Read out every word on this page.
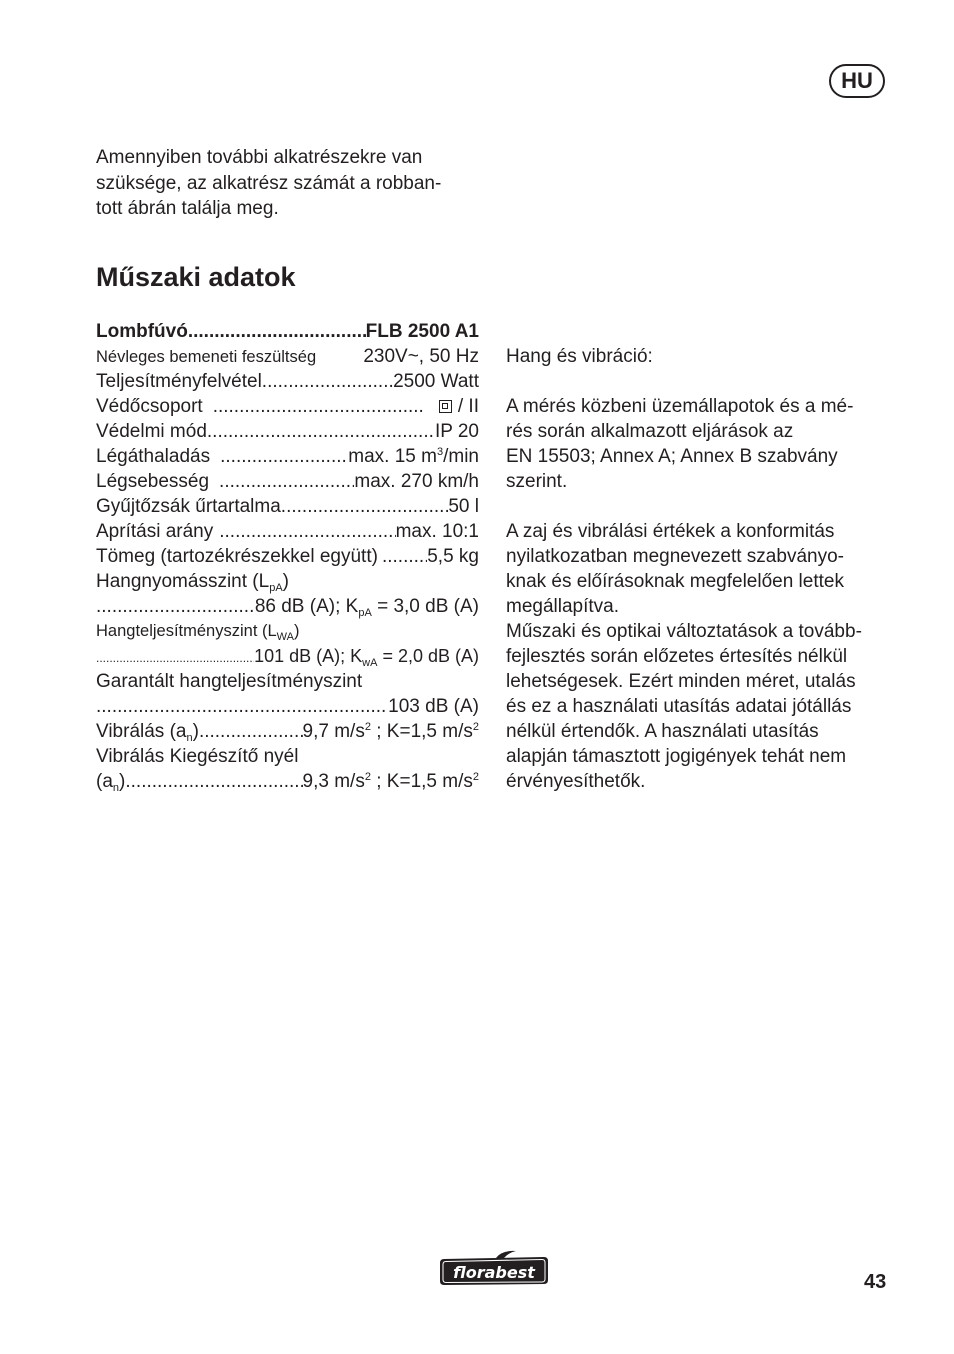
HU
Amennyiben további alkatrészekre van
szüksége, az alkatrész számát a robban-
tott ábrán találja meg.
Műszaki adatok
Lombfúvó .....	FLB 2500 A1
Névleges bemeneti feszültség 230V~, 50 Hz
Teljesítményfelvétel .....	2500 Watt
Védőcsoport .....	/ II
Védelmi mód .....	IP 20
Légáthaladás .....	max. 15 $m^3/\min$
Légsebesség .....	max. 270 km/h
Gyűjtőzsák űrtartalma .....	50 l
Aprítási arány .....	max. 10:1
Tömeg (tartozékrészekkel együtt) .....	5,5 kg
Hangnyomásszint $(L_{pA})$
.....
86 dB (A); $K_{pA} = 3,0$ dB (A)
Hangteljesítményszint $(L_{WA})$
.....
101 dB (A); $K_{wA} = 2,0$ dB (A)
Garantált hangteljesítményszint
.....
103 dB (A)
Vibrálás $(a_n)$ .....	9,7 $m/s^2$ ; K=1,5 $m/s^2$
Vibrálás Kiegészítő nyél
$(a_n)$ .....	9,3 $m/s^2$ ; K=1,5 $m/s^2$
Hang és vibráció:
A mérés közbeni üzemállapotok és a mé-
rés során alkalmazott eljárások az
EN 15503; Annex A; Annex B szabvány
szerint.
A zaj és vibrálási értékek a konformitás
nyilatkozatban megnevezett szabványo-
knak és előírásoknak megfelelően lettek
megállapítva.
Műszaki és optikai változtatások a tovább-
fejlesztés során előzetes értesítés nélkül
lehetségesek. Ezért minden méret, utalás
és ez a használati utasítás adatai jótállás
nélkül értendők. A használati utasítás
alapján támasztott jogigények tehát nem
érvényesíthetők.
florabest	43
